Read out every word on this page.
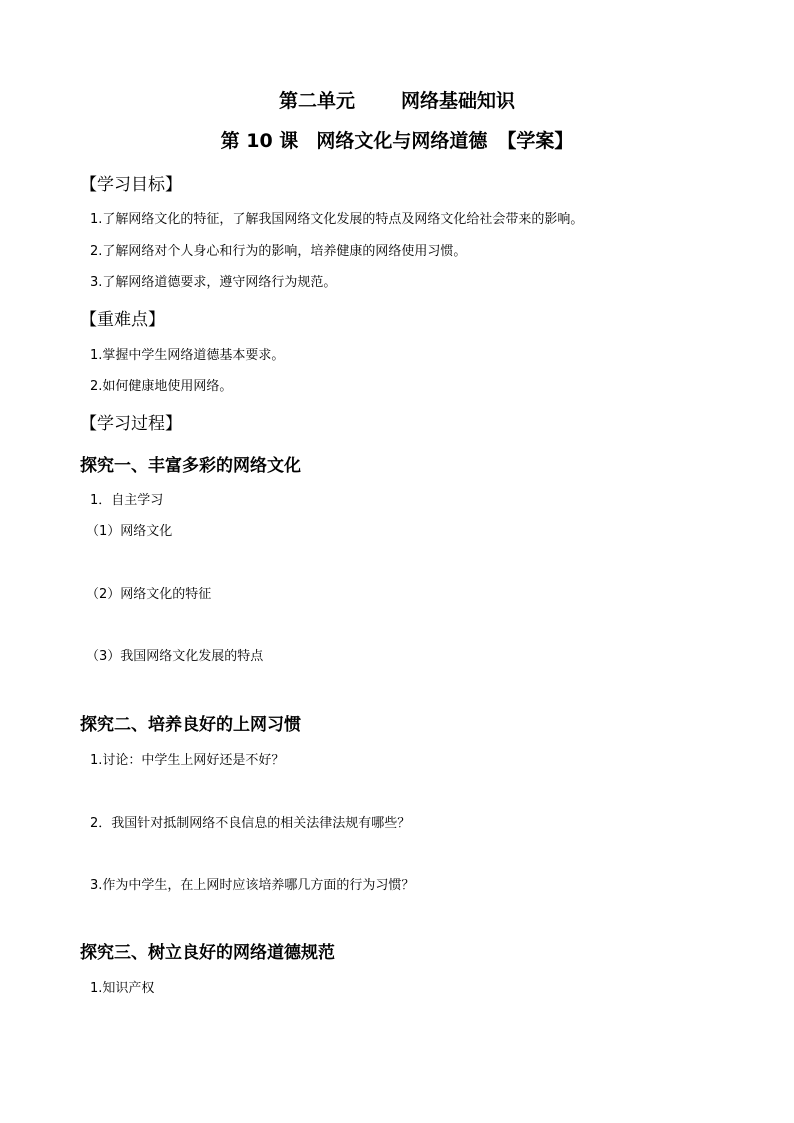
第二单元 网络基础知识
第 10 课 网络文化与网络道德 【学案】
【学习目标】
1.了解网络文化的特征，了解我国网络文化发展的特点及网络文化给社会带来的影响。
2.了解网络对个人身心和行为的影响，培养健康的网络使用习惯。
3.了解网络道德要求，遵守网络行为规范。
【重难点】
1.掌握中学生网络道德基本要求。
2.如何健康地使用网络。
【学习过程】
探究一、丰富多彩的网络文化
1．自主学习
（1）网络文化
（2）网络文化的特征
（3）我国网络文化发展的特点
探究二、培养良好的上网习惯
1.讨论：中学生上网好还是不好？
2．我国针对抵制网络不良信息的相关法律法规有哪些？
3.作为中学生，在上网时应该培养哪几方面的行为习惯？
探究三、树立良好的网络道德规范
1.知识产权
